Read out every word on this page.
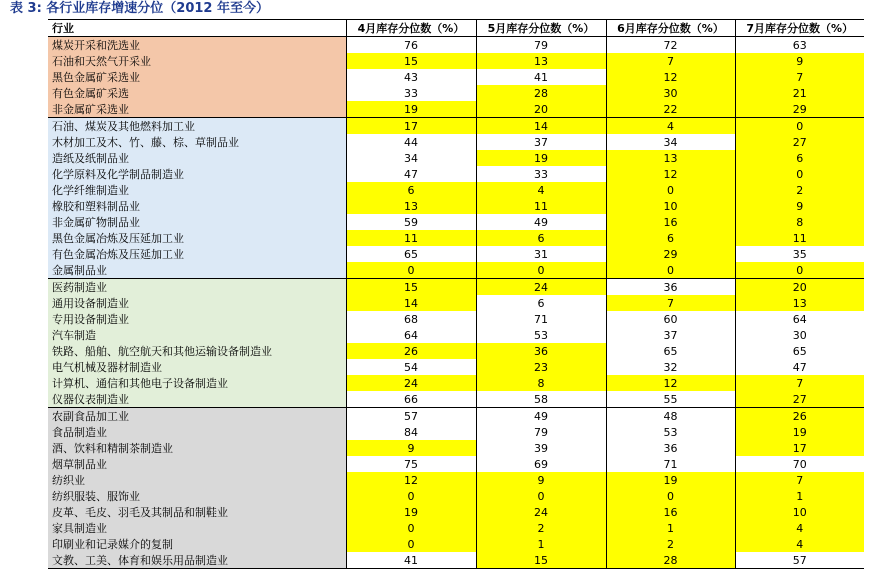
表 3: 各行业库存增速分位（2012 年至今）
行业	4月库存分位数（%）	5月库存分位数（%）	6月库存分位数（%）	7月库存分位数（%）
煤炭开采和洗选业	76	79	72	63
石油和天然气开采业	15	13	7	9
黑色金属矿采选业	43	41	12	7
有色金属矿采选	33	28	30	21
非金属矿采选业	19	20	22	29
石油、煤炭及其他燃料加工业	17	14	4	0
木材加工及木、竹、藤、棕、草制品业	44	37	34	27
造纸及纸制品业	34	19	13	6
化学原料及化学制品制造业	47	33	12	0
化学纤维制造业	6	4	0	2
橡胶和塑料制品业	13	11	10	9
非金属矿物制品业	59	49	16	8
黑色金属冶炼及压延加工业	11	6	6	11
有色金属冶炼及压延加工业	65	31	29	35
金属制品业	0	0	0	0
医药制造业	15	24	36	20
通用设备制造业	14	6	7	13
专用设备制造业	68	71	60	64
汽车制造	64	53	37	30
铁路、船舶、航空航天和其他运输设备制造业	26	36	65	65
电气机械及器材制造业	54	23	32	47
计算机、通信和其他电子设备制造业	24	8	12	7
仪器仪表制造业	66	58	55	27
农副食品加工业	57	49	48	26
食品制造业	84	79	53	19
酒、饮料和精制茶制造业	9	39	36	17
烟草制品业	75	69	71	70
纺织业	12	9	19	7
纺织服装、服饰业	0	0	0	1
皮革、毛皮、羽毛及其制品和制鞋业	19	24	16	10
家具制造业	0	2	1	4
印刷业和记录媒介的复制	0	1	2	4
文教、工美、体育和娱乐用品制造业	41	15	28	57
